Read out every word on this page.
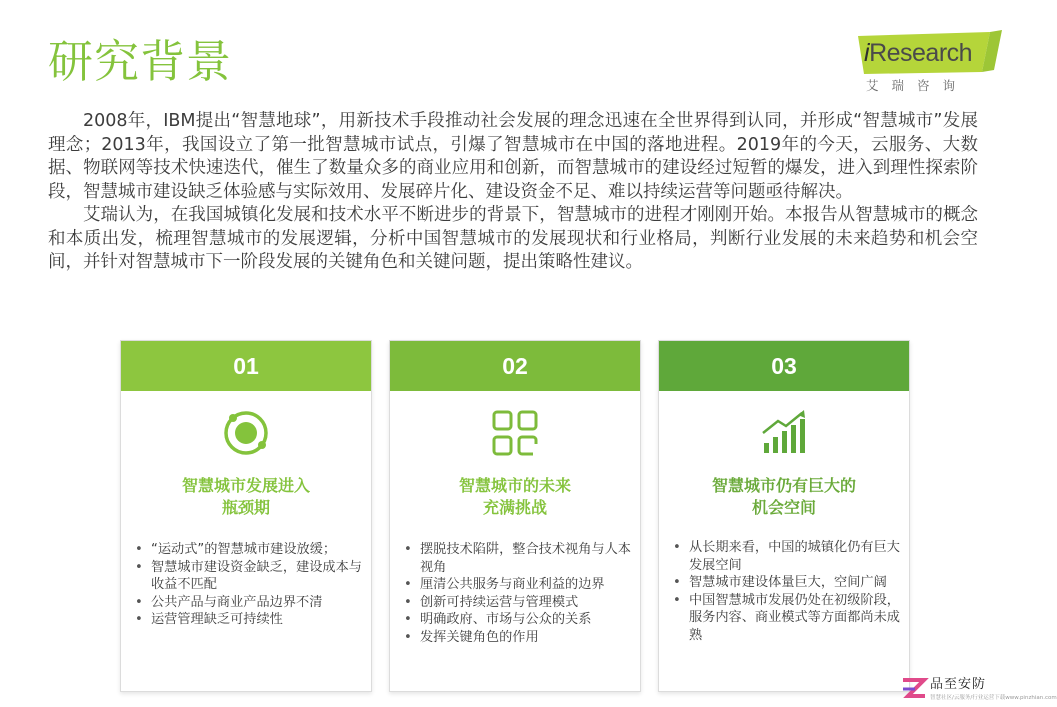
研究背景	iResearch
艾瑞咨询

2008年，IBM提出“智慧地球”，用新技术手段推动社会发展的理念迅速在全世界得到认同，并形成“智慧城市”发展理念；2013年，我国设立了第一批智慧城市试点，引爆了智慧城市在中国的落地进程。2019年的今天，云服务、大数据、物联网等技术快速迭代，催生了数量众多的商业应用和创新，而智慧城市的建设经过短暂的爆发，进入到理性探索阶段，智慧城市建设缺乏体验感与实际效用、发展碎片化、建设资金不足、难以持续运营等问题亟待解决。

艾瑞认为，在我国城镇化发展和技术水平不断进步的背景下，智慧城市的进程才刚刚开始。本报告从智慧城市的概念和本质出发，梳理智慧城市的发展逻辑，分析中国智慧城市的发展现状和行业格局，判断行业发展的未来趋势和机会空间，并针对智慧城市下一阶段发展的关键角色和关键问题，提出策略性建议。

01
智慧城市发展进入
瓶颈期
• “运动式”的智慧城市建设放缓；
• 智慧城市建设资金缺乏，建设成本与收益不匹配
• 公共产品与商业产品边界不清
• 运营管理缺乏可持续性
02
智慧城市的未来
充满挑战
• 摆脱技术陷阱，整合技术视角与人本视角
• 厘清公共服务与商业利益的边界
• 创新可持续运营与管理模式
• 明确政府、市场与公众的关系
• 发挥关键角色的作用
03
智慧城市仍有巨大的
机会空间
• 从长期来看，中国的城镇化仍有巨大发展空间
• 智慧城市建设体量巨大，空间广阔
• 中国智慧城市发展仍处在初级阶段，服务内容、商业模式等方面都尚未成熟
品至安防
智慧社区/云服务/行业运营下载www.pinzhian.com
